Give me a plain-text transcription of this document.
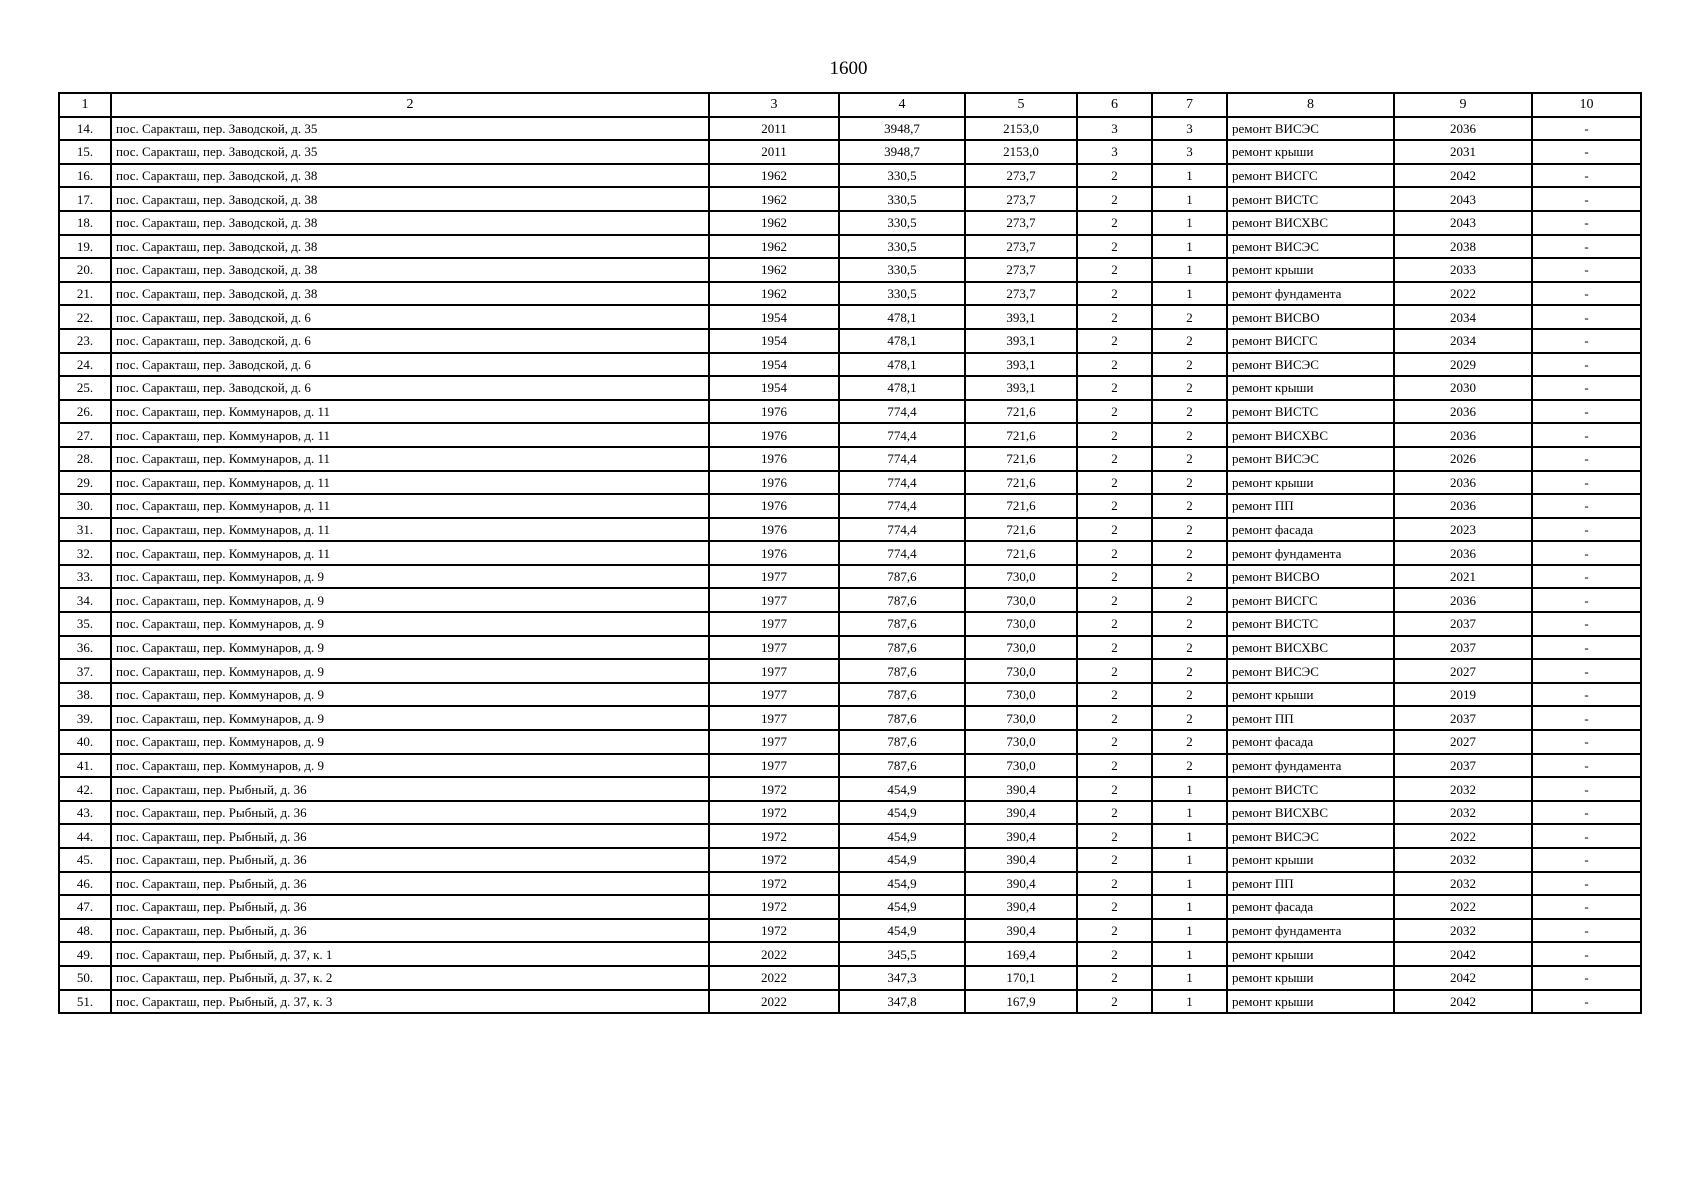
1600
1	2	3	4	5	6	7	8	9	10
14.	пос. Саракташ, пер. Заводской, д. 35	2011	3948,7	2153,0	3	3	ремонт ВИСЭС	2036	-
15.	пос. Саракташ, пер. Заводской, д. 35	2011	3948,7	2153,0	3	3	ремонт крыши	2031	-
16.	пос. Саракташ, пер. Заводской, д. 38	1962	330,5	273,7	2	1	ремонт ВИСГС	2042	-
17.	пос. Саракташ, пер. Заводской, д. 38	1962	330,5	273,7	2	1	ремонт ВИСТС	2043	-
18.	пос. Саракташ, пер. Заводской, д. 38	1962	330,5	273,7	2	1	ремонт ВИСХВС	2043	-
19.	пос. Саракташ, пер. Заводской, д. 38	1962	330,5	273,7	2	1	ремонт ВИСЭС	2038	-
20.	пос. Саракташ, пер. Заводской, д. 38	1962	330,5	273,7	2	1	ремонт крыши	2033	-
21.	пос. Саракташ, пер. Заводской, д. 38	1962	330,5	273,7	2	1	ремонт фундамента	2022	-
22.	пос. Саракташ, пер. Заводской, д. 6	1954	478,1	393,1	2	2	ремонт ВИСВО	2034	-
23.	пос. Саракташ, пер. Заводской, д. 6	1954	478,1	393,1	2	2	ремонт ВИСГС	2034	-
24.	пос. Саракташ, пер. Заводской, д. 6	1954	478,1	393,1	2	2	ремонт ВИСЭС	2029	-
25.	пос. Саракташ, пер. Заводской, д. 6	1954	478,1	393,1	2	2	ремонт крыши	2030	-
26.	пос. Саракташ, пер. Коммунаров, д. 11	1976	774,4	721,6	2	2	ремонт ВИСТС	2036	-
27.	пос. Саракташ, пер. Коммунаров, д. 11	1976	774,4	721,6	2	2	ремонт ВИСХВС	2036	-
28.	пос. Саракташ, пер. Коммунаров, д. 11	1976	774,4	721,6	2	2	ремонт ВИСЭС	2026	-
29.	пос. Саракташ, пер. Коммунаров, д. 11	1976	774,4	721,6	2	2	ремонт крыши	2036	-
30.	пос. Саракташ, пер. Коммунаров, д. 11	1976	774,4	721,6	2	2	ремонт ПП	2036	-
31.	пос. Саракташ, пер. Коммунаров, д. 11	1976	774,4	721,6	2	2	ремонт фасада	2023	-
32.	пос. Саракташ, пер. Коммунаров, д. 11	1976	774,4	721,6	2	2	ремонт фундамента	2036	-
33.	пос. Саракташ, пер. Коммунаров, д. 9	1977	787,6	730,0	2	2	ремонт ВИСВО	2021	-
34.	пос. Саракташ, пер. Коммунаров, д. 9	1977	787,6	730,0	2	2	ремонт ВИСГС	2036	-
35.	пос. Саракташ, пер. Коммунаров, д. 9	1977	787,6	730,0	2	2	ремонт ВИСТС	2037	-
36.	пос. Саракташ, пер. Коммунаров, д. 9	1977	787,6	730,0	2	2	ремонт ВИСХВС	2037	-
37.	пос. Саракташ, пер. Коммунаров, д. 9	1977	787,6	730,0	2	2	ремонт ВИСЭС	2027	-
38.	пос. Саракташ, пер. Коммунаров, д. 9	1977	787,6	730,0	2	2	ремонт крыши	2019	-
39.	пос. Саракташ, пер. Коммунаров, д. 9	1977	787,6	730,0	2	2	ремонт ПП	2037	-
40.	пос. Саракташ, пер. Коммунаров, д. 9	1977	787,6	730,0	2	2	ремонт фасада	2027	-
41.	пос. Саракташ, пер. Коммунаров, д. 9	1977	787,6	730,0	2	2	ремонт фундамента	2037	-
42.	пос. Саракташ, пер. Рыбный, д. 36	1972	454,9	390,4	2	1	ремонт ВИСТС	2032	-
43.	пос. Саракташ, пер. Рыбный, д. 36	1972	454,9	390,4	2	1	ремонт ВИСХВС	2032	-
44.	пос. Саракташ, пер. Рыбный, д. 36	1972	454,9	390,4	2	1	ремонт ВИСЭС	2022	-
45.	пос. Саракташ, пер. Рыбный, д. 36	1972	454,9	390,4	2	1	ремонт крыши	2032	-
46.	пос. Саракташ, пер. Рыбный, д. 36	1972	454,9	390,4	2	1	ремонт ПП	2032	-
47.	пос. Саракташ, пер. Рыбный, д. 36	1972	454,9	390,4	2	1	ремонт фасада	2022	-
48.	пос. Саракташ, пер. Рыбный, д. 36	1972	454,9	390,4	2	1	ремонт фундамента	2032	-
49.	пос. Саракташ, пер. Рыбный, д. 37, к. 1	2022	345,5	169,4	2	1	ремонт крыши	2042	-
50.	пос. Саракташ, пер. Рыбный, д. 37, к. 2	2022	347,3	170,1	2	1	ремонт крыши	2042	-
51.	пос. Саракташ, пер. Рыбный, д. 37, к. 3	2022	347,8	167,9	2	1	ремонт крыши	2042	-
